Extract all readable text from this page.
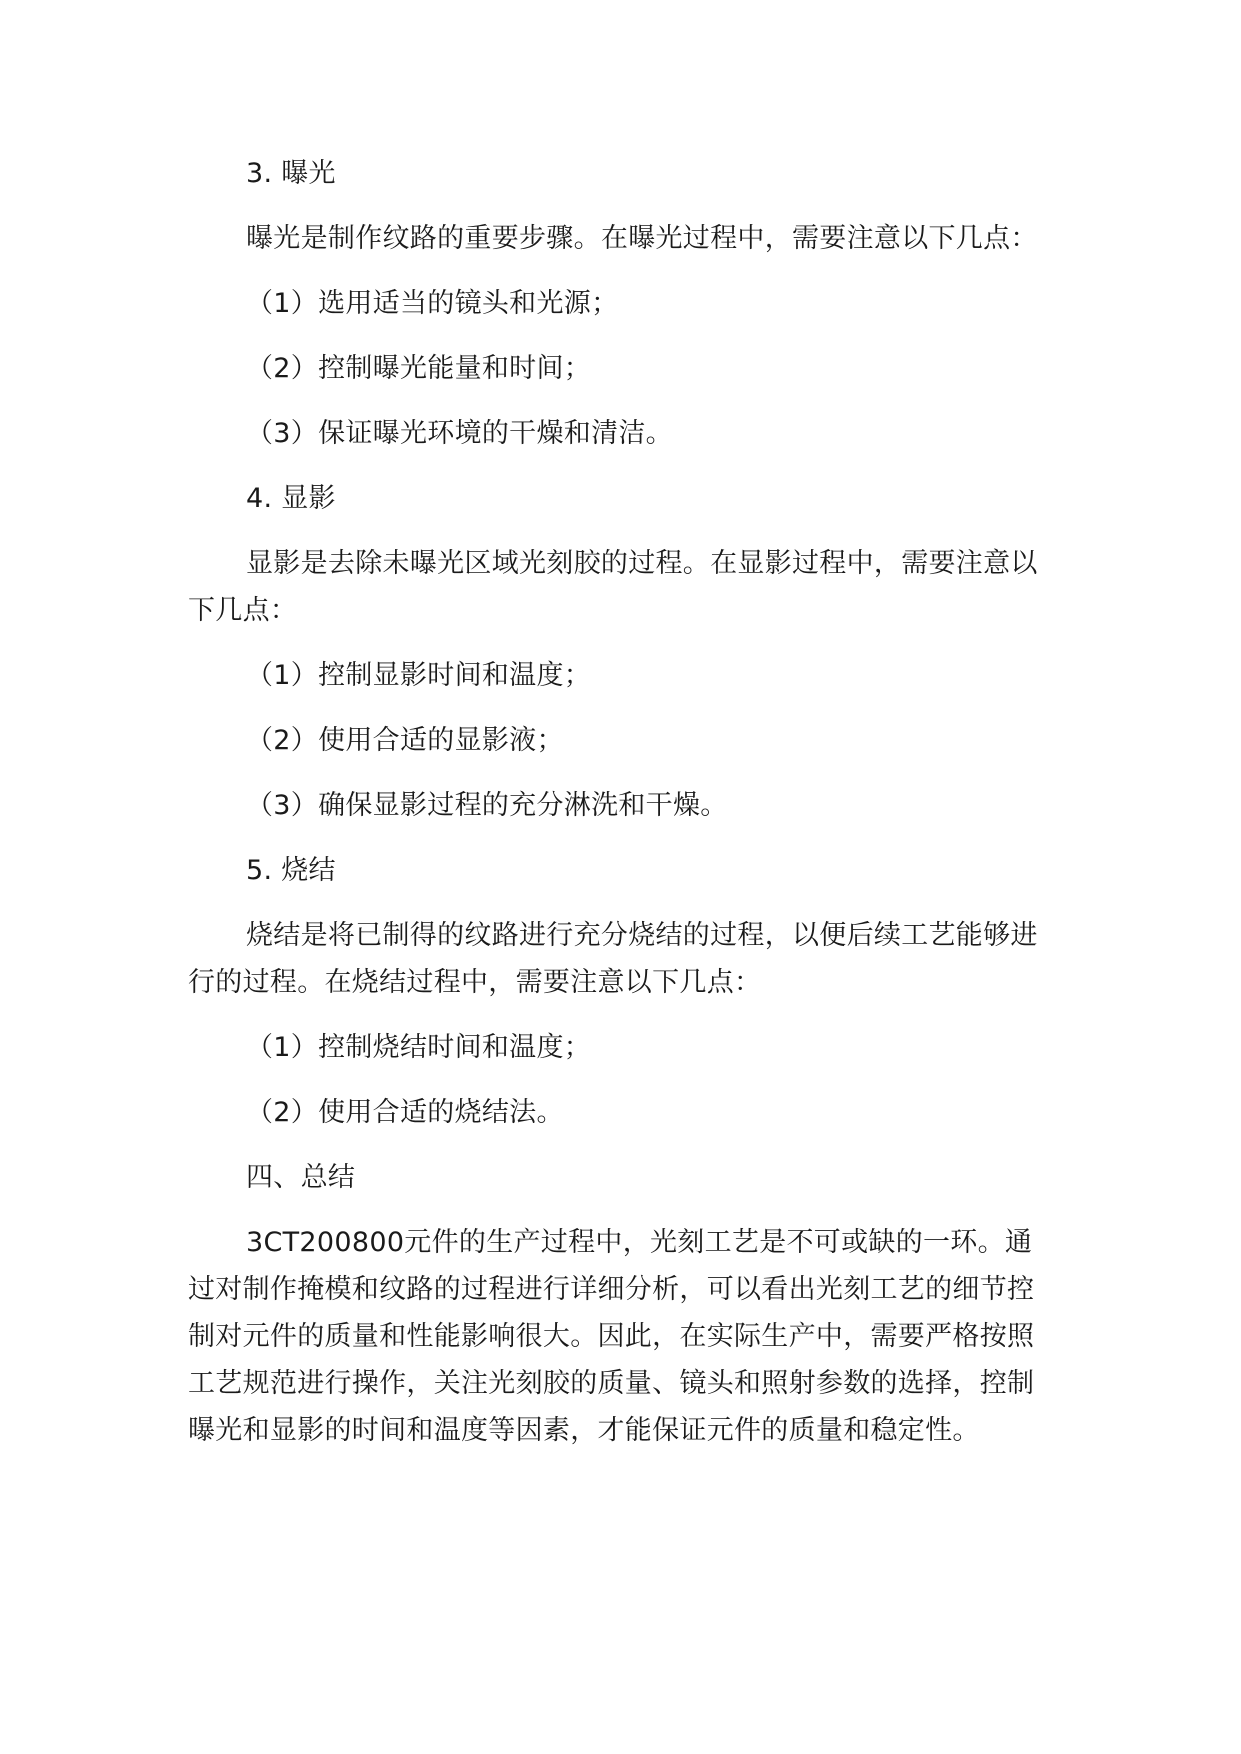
3. 曝光

曝光是制作纹路的重要步骤。在曝光过程中，需要注意以下几点：

（1）选用适当的镜头和光源；

（2）控制曝光能量和时间；

（3）保证曝光环境的干燥和清洁。

4. 显影

显影是去除未曝光区域光刻胶的过程。在显影过程中，需要注意以下几点：

（1）控制显影时间和温度；

（2）使用合适的显影液；

（3）确保显影过程的充分淋洗和干燥。

5. 烧结

烧结是将已制得的纹路进行充分烧结的过程，以便后续工艺能够进行的过程。在烧结过程中，需要注意以下几点：

（1）控制烧结时间和温度；

（2）使用合适的烧结法。

四、总结

3CT200800元件的生产过程中，光刻工艺是不可或缺的一环。通过对制作掩模和纹路的过程进行详细分析，可以看出光刻工艺的细节控制对元件的质量和性能影响很大。因此，在实际生产中，需要严格按照工艺规范进行操作，关注光刻胶的质量、镜头和照射参数的选择，控制曝光和显影的时间和温度等因素，才能保证元件的质量和稳定性。
